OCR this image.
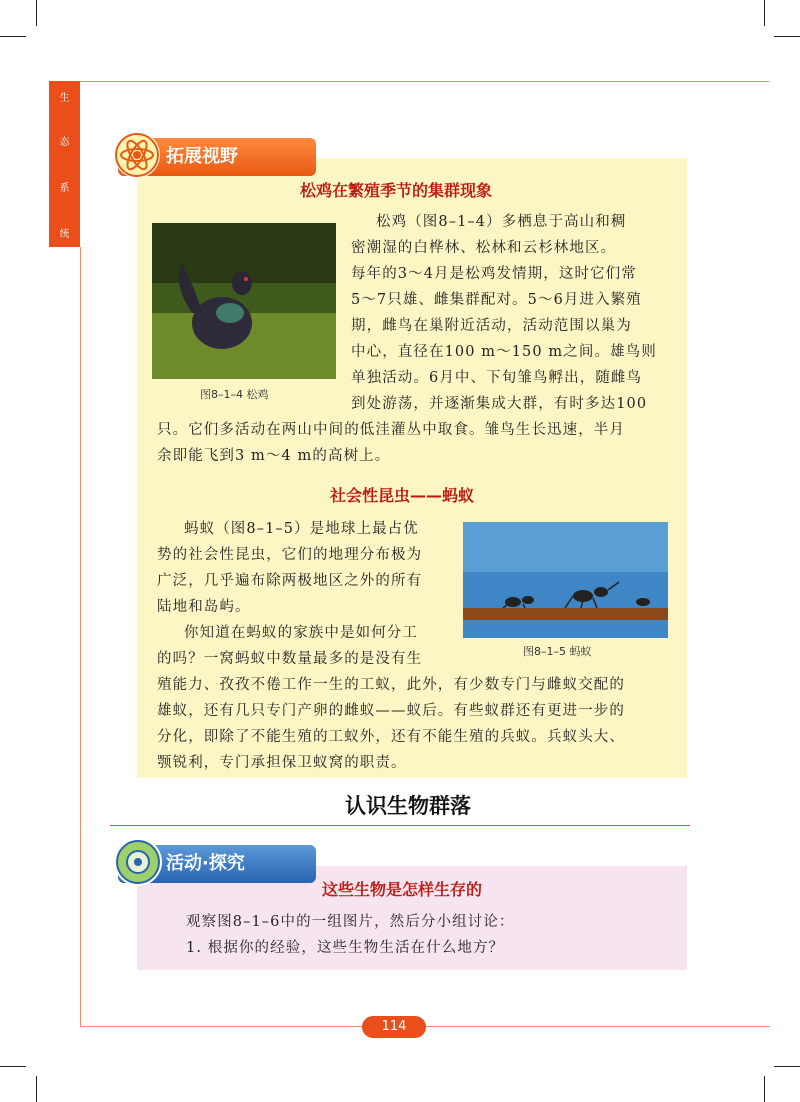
生
态
系
统
拓展视野
松鸡在繁殖季节的集群现象
图8–1–4 松鸡
松鸡（图8–1–4）多栖息于高山和稠
密潮湿的白桦林、松林和云杉林地区。
每年的3～4月是松鸡发情期，这时它们常
5～7只雄、雌集群配对。5～6月进入繁殖
期，雌鸟在巢附近活动，活动范围以巢为
中心，直径在100 m～150 m之间。雄鸟则
单独活动。6月中、下旬雏鸟孵出，随雌鸟
到处游荡，并逐渐集成大群，有时多达100
只。它们多活动在两山中间的低洼灌丛中取食。雏鸟生长迅速，半月
余即能飞到3 m～4 m的高树上。
社会性昆虫——蚂蚁
蚂蚁（图8–1–5）是地球上最占优
势的社会性昆虫，它们的地理分布极为
广泛，几乎遍布除两极地区之外的所有
陆地和岛屿。
你知道在蚂蚁的家族中是如何分工
的吗？一窝蚂蚁中数量最多的是没有生
殖能力、孜孜不倦工作一生的工蚁，此外，有少数专门与雌蚁交配的
雄蚁，还有几只专门产卵的雌蚁——蚁后。有些蚁群还有更进一步的
分化，即除了不能生殖的工蚁外，还有不能生殖的兵蚁。兵蚁头大、
颚锐利，专门承担保卫蚁窝的职责。
图8–1–5 蚂蚁
认识生物群落
活动·探究
这些生物是怎样生存的
观察图8–1–6中的一组图片，然后分小组讨论：
1. 根据你的经验，这些生物生活在什么地方？
114
